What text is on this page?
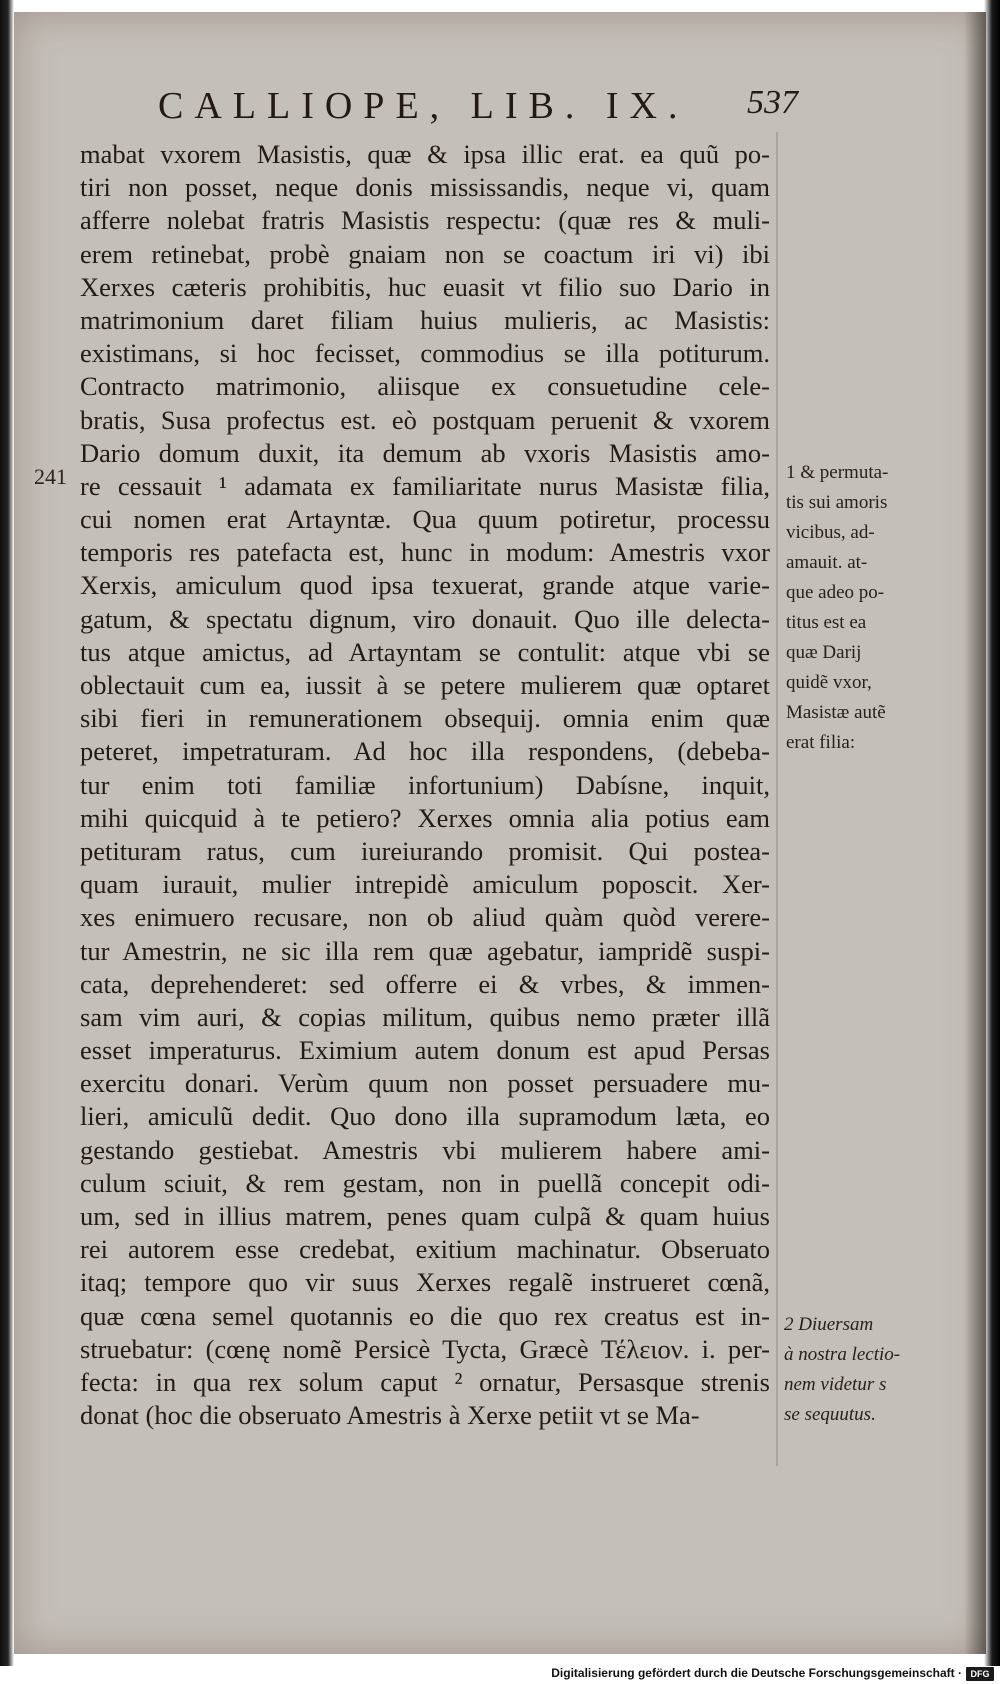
CALLIOPE, LIB. IX. 537
241
mabat vxorem Masistis, quæ & ipsa illic erat. ea quũ po-
tiri non posset, neque donis mississandis, neque vi, quam
afferre nolebat fratris Masistis respectu: (quæ res & muli-
erem retinebat, probè gnaiam non se coactum iri vi) ibi
Xerxes cæteris prohibitis, huc euasit vt filio suo Dario in
matrimonium daret filiam huius mulieris, ac Masistis:
existimans, si hoc fecisset, commodius se illa potiturum.
Contracto matrimonio, aliisque ex consuetudine cele-
bratis, Susa profectus est. eò postquam peruenit & vxorem
Dario domum duxit, ita demum ab vxoris Masistis amo-
re cessauit ¹ adamata ex familiaritate nurus Masistæ filia,
cui nomen erat Artayntæ. Qua quum potiretur, processu
temporis res patefacta est, hunc in modum: Amestris vxor
Xerxis, amiculum quod ipsa texuerat, grande atque varie-
gatum, & spectatu dignum, viro donauit. Quo ille delecta-
tus atque amictus, ad Artayntam se contulit: atque vbi se
oblectauit cum ea, iussit à se petere mulierem quæ optaret
sibi fieri in remunerationem obsequij. omnia enim quæ
peteret, impetraturam. Ad hoc illa respondens, (debeba-
tur enim toti familiæ infortunium) Dabísne, inquit,
mihi quicquid à te petiero? Xerxes omnia alia potius eam
petituram ratus, cum iureiurando promisit. Qui postea-
quam iurauit, mulier intrepidè amiculum poposcit. Xer-
xes enimuero recusare, non ob aliud quàm quòd verere-
tur Amestrin, ne sic illa rem quæ agebatur, iampridẽ suspi-
cata, deprehenderet: sed offerre ei & vrbes, & immen-
sam vim auri, & copias militum, quibus nemo præter illã
esset imperaturus. Eximium autem donum est apud Persas
exercitu donari. Verùm quum non posset persuadere mu-
lieri, amiculũ dedit. Quo dono illa supramodum læta, eo
gestando gestiebat. Amestris vbi mulierem habere ami-
culum sciuit, & rem gestam, non in puellã concepit odi-
um, sed in illius matrem, penes quam culpã & quam huius
rei autorem esse credebat, exitium machinatur. Obseruato
itaq; tempore quo vir suus Xerxes regalẽ instrueret cœnã,
quæ cœna semel quotannis eo die quo rex creatus est in-
struebatur: (cœnę nomẽ Persicè Tycta, Græcè Τέλειον. i. per-
fecta: in qua rex solum caput ² ornatur, Persasque strenis
donat (hoc die obseruato Amestris à Xerxe petiit vt se Ma-
1 & permuta-
tis sui amoris
vicibus, ad-
amauit. at-
que adeo po-
titus est ea
quæ Darij
quidẽ vxor,
Masistæ autẽ
erat filia:
2 Diuersam
à nostra lectio-
nem videtur s
se sequutus.
Digitalisierung gefördert durch die Deutsche Forschungsgemeinschaft · DFG
